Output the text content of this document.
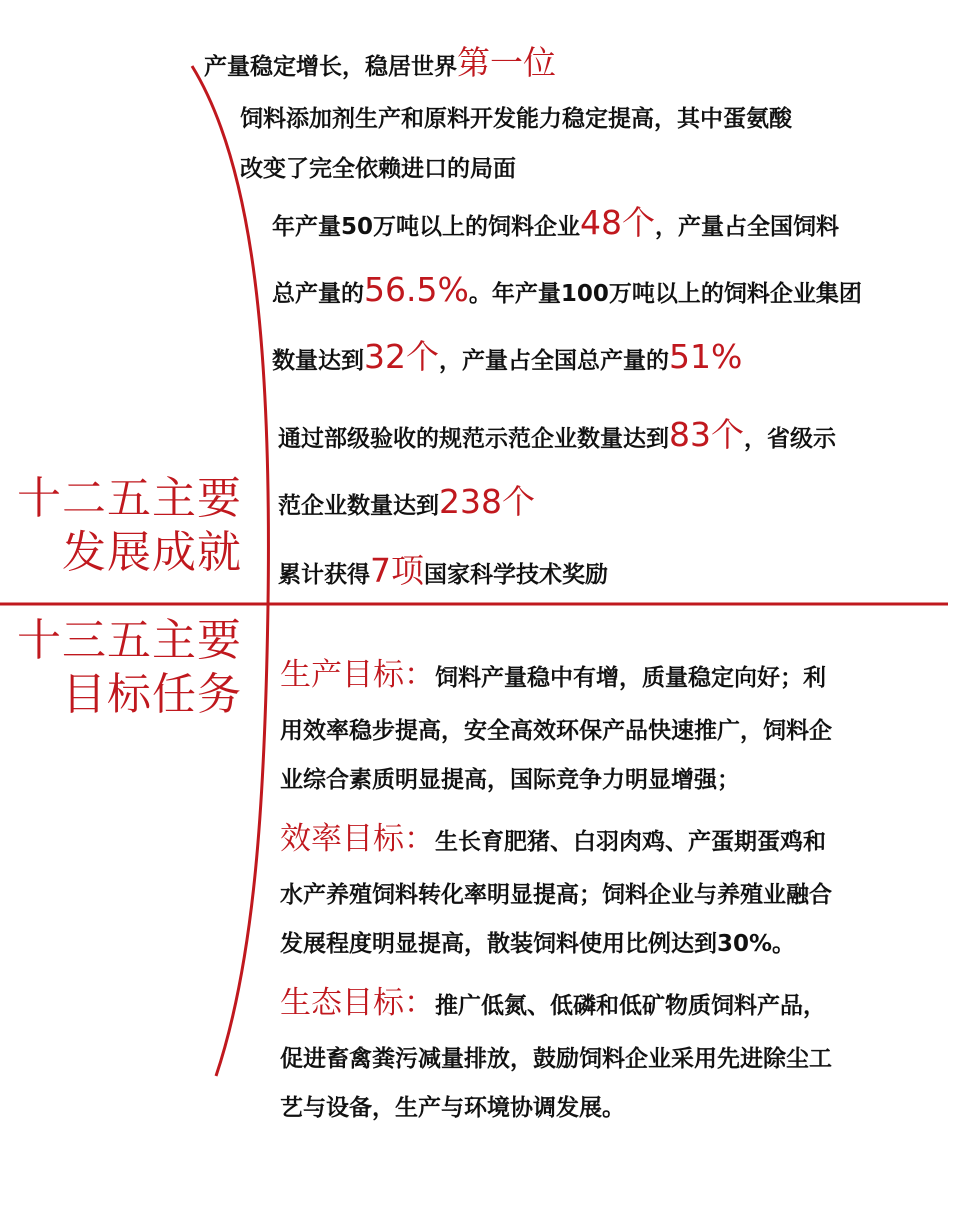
十二五主要
发展成就
十三五主要
目标任务
产量稳定增长，稳居世界第一位
饲料添加剂生产和原料开发能力稳定提高，其中蛋氨酸
改变了完全依赖进口的局面
年产量50万吨以上的饲料企业48个，产量占全国饲料
总产量的56.5%。年产量100万吨以上的饲料企业集团
数量达到32个，产量占全国总产量的51%
通过部级验收的规范示范企业数量达到83个，省级示
范企业数量达到238个
累计获得7项国家科学技术奖励
生产目标：饲料产量稳中有增，质量稳定向好；利
用效率稳步提高，安全高效环保产品快速推广，饲料企
业综合素质明显提高，国际竞争力明显增强；
效率目标：生长育肥猪、白羽肉鸡、产蛋期蛋鸡和
水产养殖饲料转化率明显提高；饲料企业与养殖业融合
发展程度明显提高，散装饲料使用比例达到30%。
生态目标：推广低氮、低磷和低矿物质饲料产品，
促进畜禽粪污减量排放，鼓励饲料企业采用先进除尘工
艺与设备，生产与环境协调发展。
